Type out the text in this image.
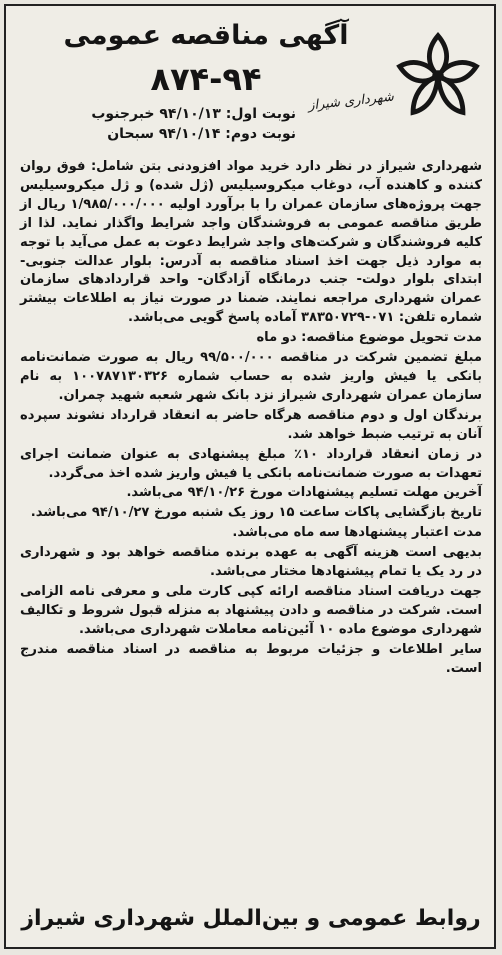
شهرداری شیراز
آگهی مناقصه عمومی
۸۷۴-۹۴
نوبت اول: ۹۴/۱۰/۱۳ خبرجنوب
نوبت دوم: ۹۴/۱۰/۱۴ سبحان

شهرداری شیراز در نظر دارد خرید مواد افزودنی بتن شامل: فوق روان کننده و کاهنده آب، دوغاب میکروسیلیس (ژل شده) و ژل میکروسیلیس جهت پروژه‌های سازمان عمران را با برآورد اولیه ۱/۹۸۵/۰۰۰/۰۰۰ ریال از طریق مناقصه عمومی به فروشندگان واجد شرایط واگذار نماید. لذا از کلیه فروشندگان و شرکت‌های واجد شرایط دعوت به عمل می‌آید با توجه به موارد ذیل جهت اخذ اسناد مناقصه به آدرس: بلوار عدالت جنوبی- ابتدای بلوار دولت- جنب درمانگاه آزادگان- واحد قراردادهای سازمان عمران شهرداری مراجعه نمایند. ضمنا در صورت نیاز به اطلاعات بیشتر شماره تلفن: ۰۷۱-۳۸۳۵۰۷۲۹ آماده پاسخ گویی می‌باشد.

مدت تحویل موضوع مناقصه: دو ماه

مبلغ تضمین شرکت در مناقصه ۹۹/۵۰۰/۰۰۰ ریال به صورت ضمانت‌نامه بانکی یا فیش واریز شده به حساب شماره ۱۰۰۷۸۷۱۳۰۳۲۶ به نام سازمان عمران شهرداری شیراز نزد بانک شهر شعبه شهید چمران.

برندگان اول و دوم مناقصه هرگاه حاضر به انعقاد قرارداد نشوند سپرده آنان به ترتیب ضبط خواهد شد.

در زمان انعقاد قرارداد ۱۰٪ مبلغ پیشنهادی به عنوان ضمانت اجرای تعهدات به صورت ضمانت‌نامه بانکی یا فیش واریز شده اخذ می‌گردد.

آخرین مهلت تسلیم پیشنهادات مورخ ۹۴/۱۰/۲۶ می‌باشد.

تاریخ بازگشایی پاکات ساعت ۱۵ روز یک شنبه مورخ ۹۴/۱۰/۲۷ می‌باشد.

مدت اعتبار پیشنهادها سه ماه می‌باشد.

بدیهی است هزینه آگهی به عهده برنده مناقصه خواهد بود و شهرداری در رد یک یا تمام پیشنهادها مختار می‌باشد.

جهت دریافت اسناد مناقصه ارائه کپی کارت ملی و معرفی نامه الزامی است. شرکت در مناقصه و دادن پیشنهاد به منزله قبول شروط و تکالیف شهرداری موضوع ماده ۱۰ آئین‌نامه معاملات شهرداری می‌باشد.

سایر اطلاعات و جزئیات مربوط به مناقصه در اسناد مناقصه مندرج است.

روابط عمومی و بین‌الملل شهرداری شیراز
